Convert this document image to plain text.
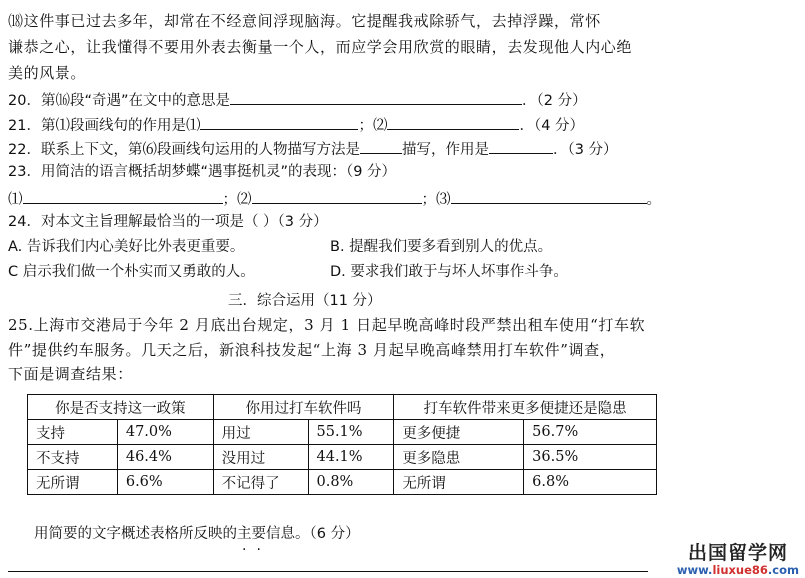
⒅这件事已过去多年，却常在不经意间浮现脑海。它提醒我戒除骄气，去掉浮躁，常怀
谦恭之心，让我懂得不要用外表去衡量一个人，而应学会用欣赏的眼睛，去发现他人内心绝
美的风景。
20．第⒃段“奇遇”在文中的意思是	．（2 分）
21．第⑴段画线句的作用是⑴	；⑵	．（4 分）
22．联系上下文，第⑹段画线句运用的人物描写方法是	描写，作用是	．（3 分）
23．用简洁的语言概括胡梦蝶“遇事挺机灵”的表现：（9 分）
⑴	；⑵	；⑶	。
24．对本文主旨理解最恰当的一项是（ ）（3 分）
A. 告诉我们内心美好比外表更重要。	B. 提醒我们要多看到别人的优点。
C 启示我们做一个朴实而又勇敢的人。	D. 要求我们敢于与坏人坏事作斗争。
三．综合运用（11 分）
25.上海市交港局于今年 2 月底出台规定，3 月 1 日起早晚高峰时段严禁出租车使用“打车软
件”提供约车服务。几天之后，新浪科技发起“上海 3 月起早晚高峰禁用打车软件”调查，
下面是调查结果：
你是否支持这一政策		你用过打车软件吗		打车软件带来更多便捷还是隐患	
支持	47.0%	用过	55.1%	更多便捷	56.7%
不支持	46.4%	没用过	44.1%	更多隐患	36.5%
无所谓	6.6%	不记得了	0.8%	无所谓	6.8%
用简要的文字概述表格所反映的主要信息。（6 分）
出国留学网
www.liuxue86.com
